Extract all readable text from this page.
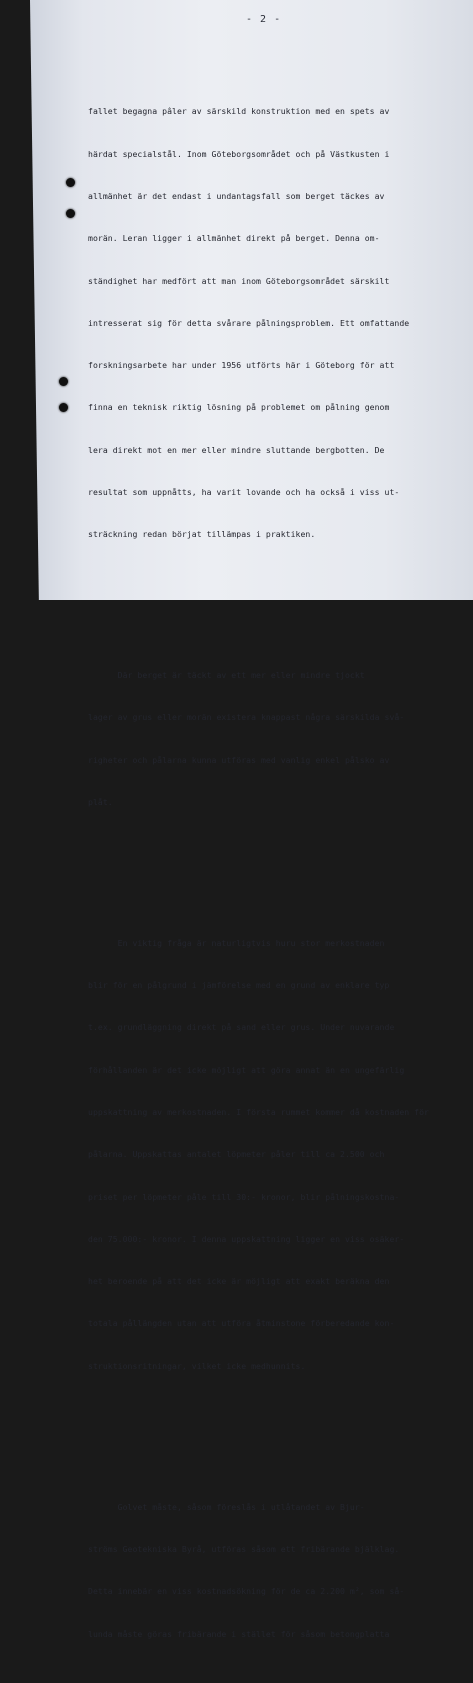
- 2 -

fallet begagna pâler av särskild konstruktion med en spets av

härdat specialstål. Inom Göteborgsområdet och på Västkusten i

allmänhet är det endast i undantagsfall som berget täckes av

morän. Leran ligger i allmänhet direkt på berget. Denna om-

ständighet har medfört att man inom Göteborgsområdet särskilt

intresserat sig för detta svårare pålningsproblem. Ett omfattande

forskningsarbete har under 1956 utförts här i Göteborg för att

finna en teknisk riktig lösning på problemet om pålning genom

lera direkt mot en mer eller mindre sluttande bergbotten. De

resultat som uppnåtts, ha varit lovande och ha också i viss ut-

sträckning redan börjat tillämpas i praktiken.

Där berget är täckt av ett mer eller mindre tjockt

lager av grus eller morän existera knappast några särskilda svå-

righeter och pålarna kunna utföras med vanlig enkel pålsko av

plåt.

En viktig fråga är naturligtvis huru stor merkostnaden

blir för en pålgrund i jämförelse med en grund av enklare typ

t.ex. grundläggning direkt på sand eller grus. Under nuvarande

förhållanden är det icke möjligt att göra annat än en ungefärlig

uppskattning av merkostnaden. I första rummet kommer då kostnaden för

pålarna. Uppskattas antalet löpmeter påler till ca 2.500 och

priset per löpmeter påle till 30:- kronor, blir pålningskostna-

den 75.000:- kronor. I denna uppskattning ligger en viss osäker-

het beroende på att det icke är möjligt att exakt beräkna den

totala pållängden utan att utföra åtminstone förberedande kon-

struktionsritningar, vilket icke medhunnits.

Golvet måste, såsom föreslås i utlåtandet av Bjur-

ströms Geotekniska Byrå, utföras såsom ett fribärande bjälklag.

Detta innebär en viss kostnadsökning för de ca 2.200 m², som så-

lunda måste göras fribärande i stället för såsom betongplatta
